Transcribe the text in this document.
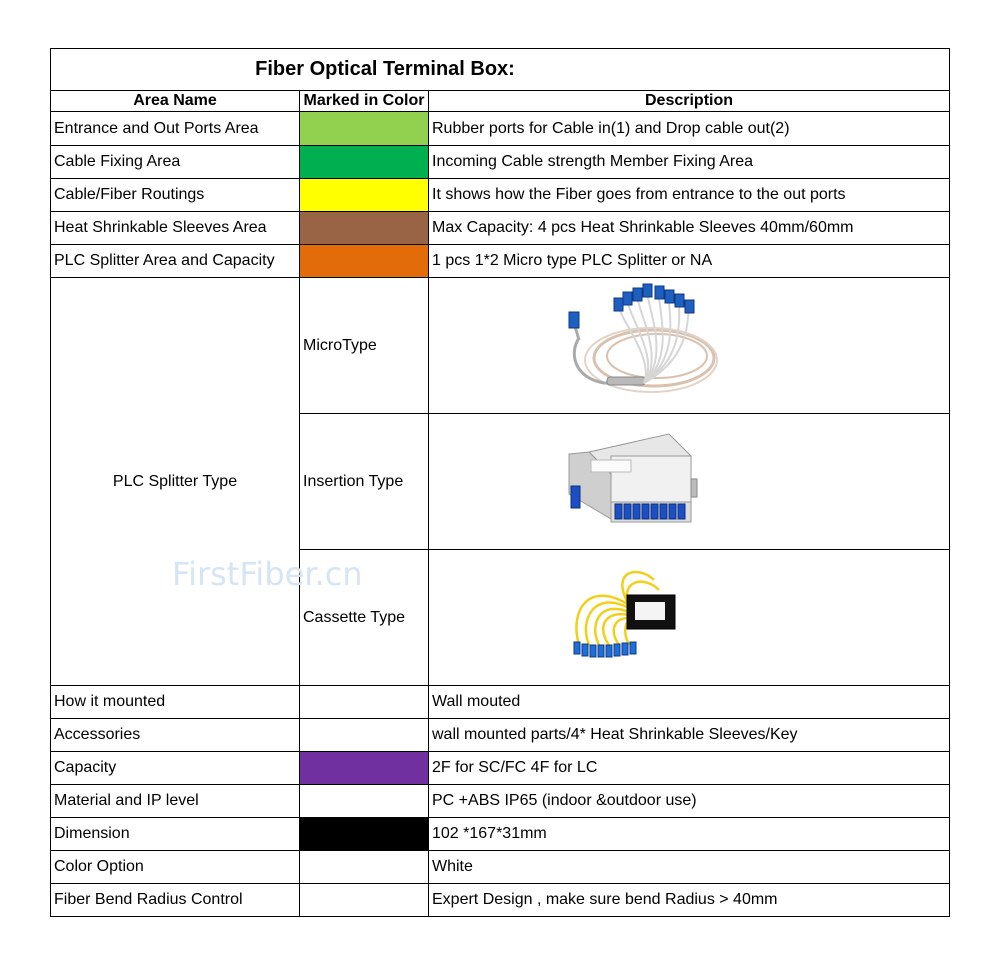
Fiber Optical Terminal Box:		
Area Name	Marked in Color	Description
Entrance and Out Ports Area		Rubber ports for Cable in(1) and Drop cable out(2)
Cable Fixing Area		Incoming Cable strength Member Fixing Area
Cable/Fiber Routings		It shows how the Fiber goes from entrance to the out ports
Heat Shrinkable Sleeves Area		Max Capacity: 4 pcs Heat Shrinkable Sleeves 40mm/60mm
PLC Splitter Area and Capacity		1 pcs 1*2 Micro type PLC Splitter or NA
PLC Splitter Type	MicroType	

	Insertion Type	

	Cassette Type	

How it mounted		Wall mouted
Accessories		wall mounted parts/4* Heat Shrinkable Sleeves/Key
Capacity		2F for SC/FC 4F for LC
Material and IP level		PC +ABS IP65 (indoor &outdoor use)
Dimension		102 *167*31mm
Color Option		White
Fiber Bend Radius Control		Expert Design , make sure bend Radius > 40mm
FirstFiber.cn
